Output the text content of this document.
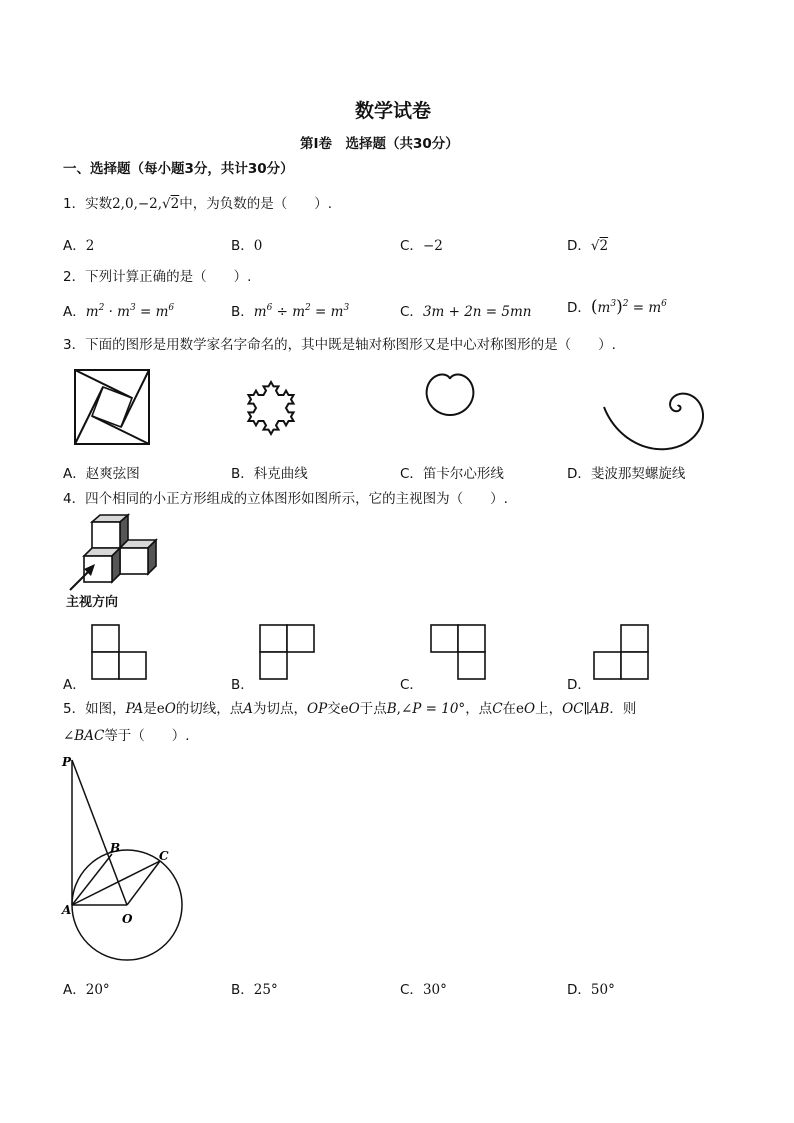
数学试卷
第Ⅰ卷　选择题（共30分）
一、选择题（每小题3分，共计30分）
1．实数2,0,−2,√2中，为负数的是（　　）.
A．2	B．0	C．−2	D．√2
2．下列计算正确的是（　　）.
A．$m^2 \cdot m^3 = m^6$	B．$m^6 \div m^2 = m^3$	C．3m + 2n = 5mn	D．$(m^3)^2 = m^6$
3．下面的图形是用数学家名字命名的，其中既是轴对称图形又是中心对称图形的是（　　）.
A．赵爽弦图	B．科克曲线	C．笛卡尔心形线	D．斐波那契螺旋线
4．四个相同的小正方形组成的立体图形如图所示，它的主视图为（　　）.
主视方向
A．	B．	C．	D．
5．如图，PA是eO的切线，点A为切点，OP交eO于点B,∠P = 10°，点C在eO上，OC∥AB．则
∠BAC等于（　　）.
P
B
C
A
O
A．20°	B．25°	C．30°	D．50°
